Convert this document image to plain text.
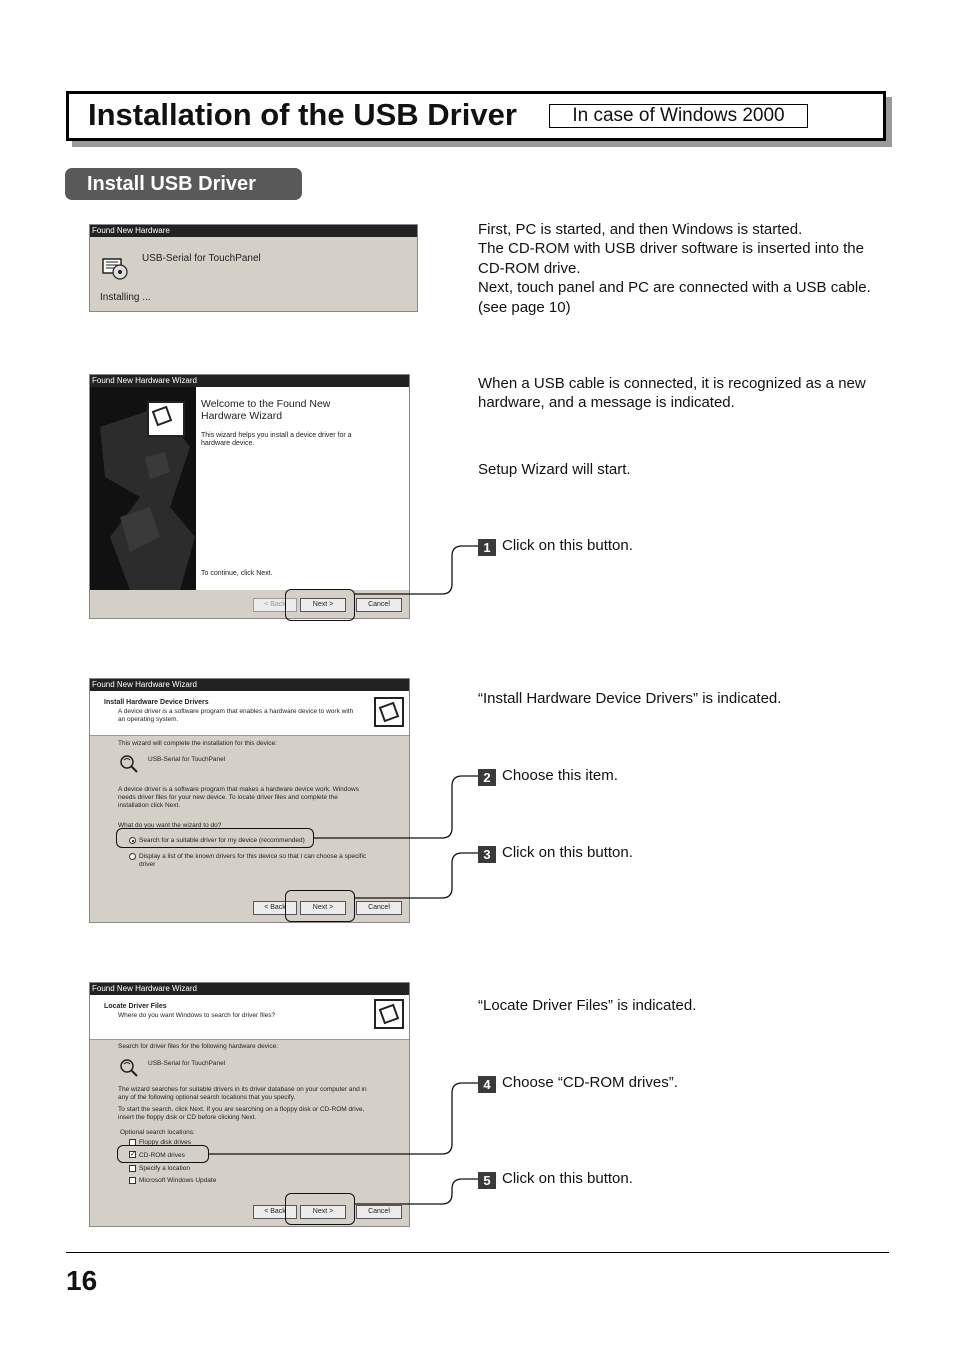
Installation of the USB Driver	In case of Windows 2000
Install USB Driver
Found New Hardware
USB-Serial for TouchPanel
Installing ...
First, PC is started, and then Windows is started.
The CD-ROM with USB driver software is inserted into the
CD-ROM drive.
Next, touch panel and PC are connected with a USB cable.
(see page 10)
Found New Hardware Wizard
Welcome to the Found New
Hardware Wizard
This wizard helps you install a device driver for a
hardware device.
To continue, click Next.
< Back	Next >	Cancel
When a USB cable is connected, it is recognized as a new
hardware, and a message is indicated.
Setup Wizard will start.
1 Click on this button.
Found New Hardware Wizard
Install Hardware Device Drivers
A device driver is a software program that enables a hardware device to work with
an operating system.
This wizard will complete the installation for this device:
USB-Serial for TouchPanel
A device driver is a software program that makes a hardware device work. Windows
needs driver files for your new device. To locate driver files and complete the
installation click Next.
What do you want the wizard to do?
Search for a suitable driver for my device (recommended)
Display a list of the known drivers for this device so that I can choose a specific
driver
< Back	Next >	Cancel
“Install Hardware Device Drivers” is indicated.
2 Choose this item.
3 Click on this button.
Found New Hardware Wizard
Locate Driver Files
Where do you want Windows to search for driver files?
Search for driver files for the following hardware device:
USB-Serial for TouchPanel
The wizard searches for suitable drivers in its driver database on your computer and in
any of the following optional search locations that you specify.
To start the search, click Next. If you are searching on a floppy disk or CD-ROM drive,
insert the floppy disk or CD before clicking Next.
Optional search locations:
Floppy disk drives
✓ CD-ROM drives
Specify a location
Microsoft Windows Update
< Back	Next >	Cancel
“Locate Driver Files” is indicated.
4 Choose “CD-ROM drives”.
5 Click on this button.
16
